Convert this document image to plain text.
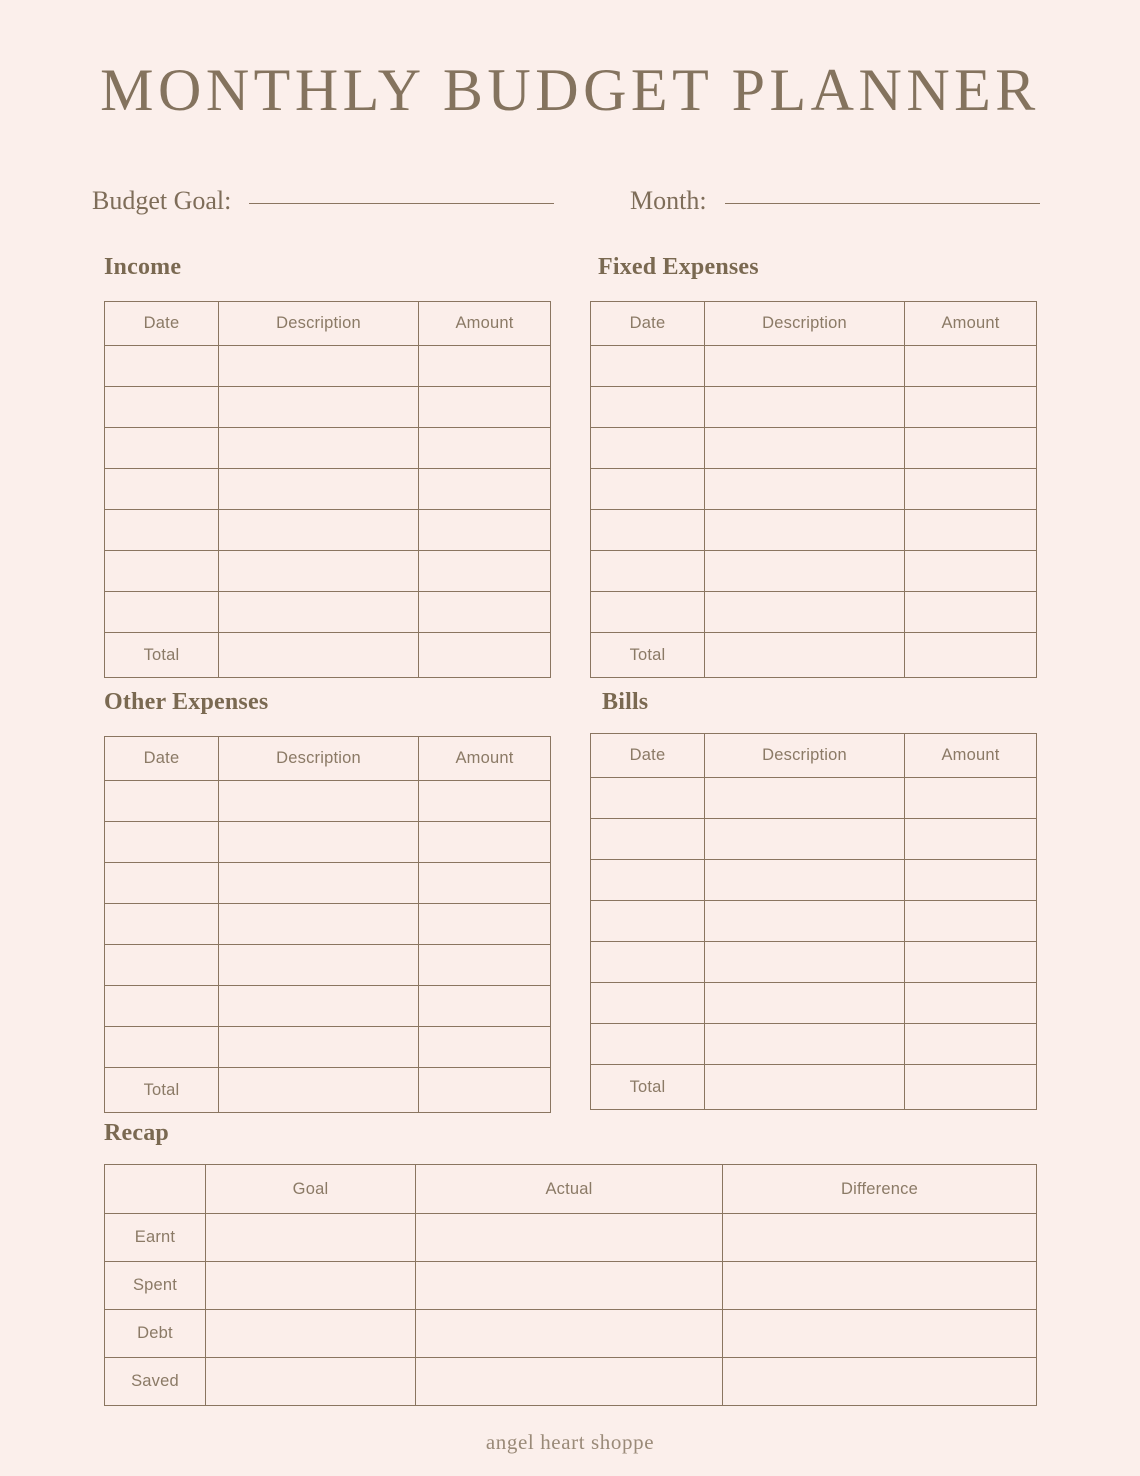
MONTHLY BUDGET PLANNER
Budget Goal:	Month:
Income
Date	Description	Amount

Total		
Fixed Expenses
Date	Description	Amount

Total		
Other Expenses
Date	Description	Amount

Total		
Bills
Date	Description	Amount

Total		
Recap
	Goal	Actual	Difference
Earnt			
Spent			
Debt			
Saved			
angel heart shoppe
